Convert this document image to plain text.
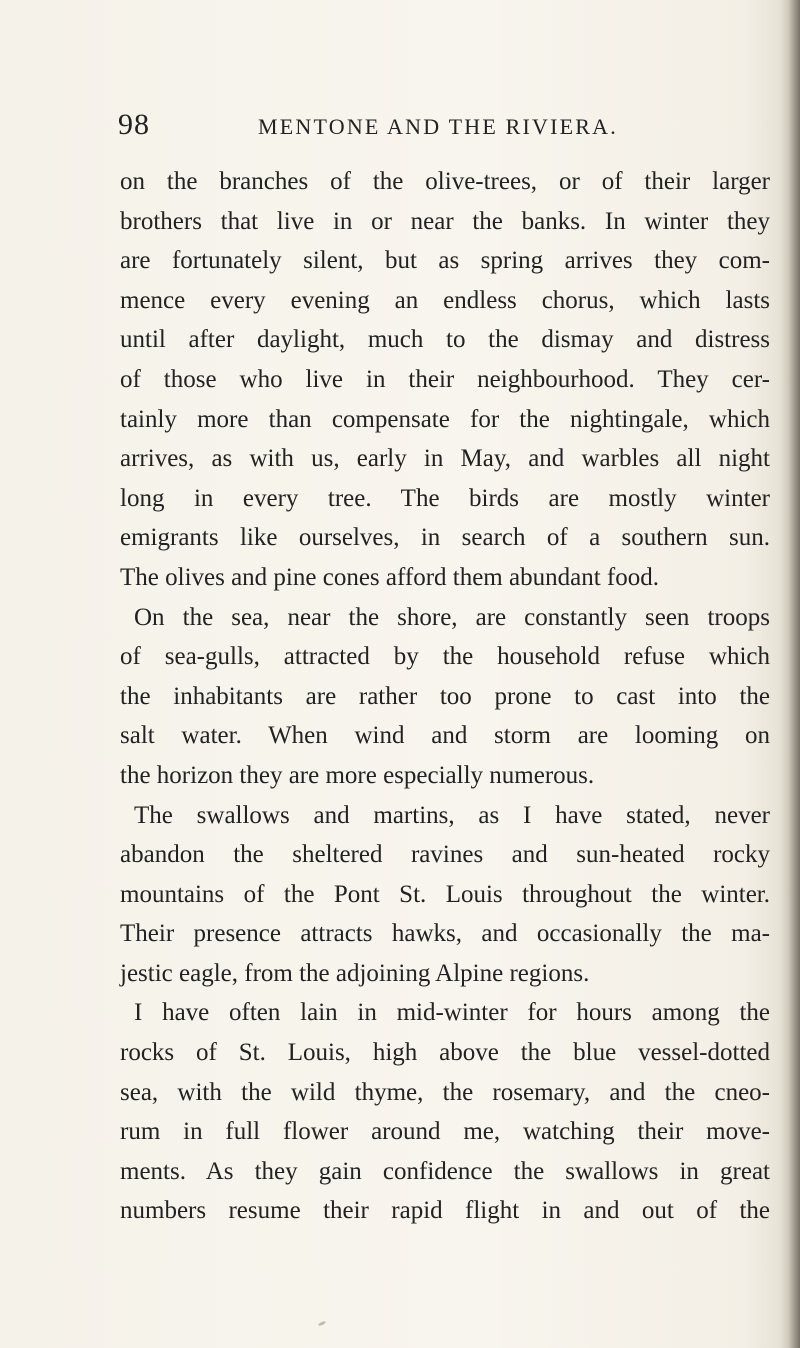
98	MENTONE AND THE RIVIERA.
on the branches of the olive-trees, or of their larger
brothers that live in or near the banks. In winter they
are fortunately silent, but as spring arrives they com-
mence every evening an endless chorus, which lasts
until after daylight, much to the dismay and distress
of those who live in their neighbourhood. They cer-
tainly more than compensate for the nightingale, which
arrives, as with us, early in May, and warbles all night
long in every tree. The birds are mostly winter
emigrants like ourselves, in search of a southern sun.
The olives and pine cones afford them abundant food.
On the sea, near the shore, are constantly seen troops
of sea-gulls, attracted by the household refuse which
the inhabitants are rather too prone to cast into the
salt water. When wind and storm are looming on
the horizon they are more especially numerous.
The swallows and martins, as I have stated, never
abandon the sheltered ravines and sun-heated rocky
mountains of the Pont St. Louis throughout the winter.
Their presence attracts hawks, and occasionally the ma-
jestic eagle, from the adjoining Alpine regions.
I have often lain in mid-winter for hours among the
rocks of St. Louis, high above the blue vessel-dotted
sea, with the wild thyme, the rosemary, and the cneo-
rum in full flower around me, watching their move-
ments. As they gain confidence the swallows in great
numbers resume their rapid flight in and out of the
